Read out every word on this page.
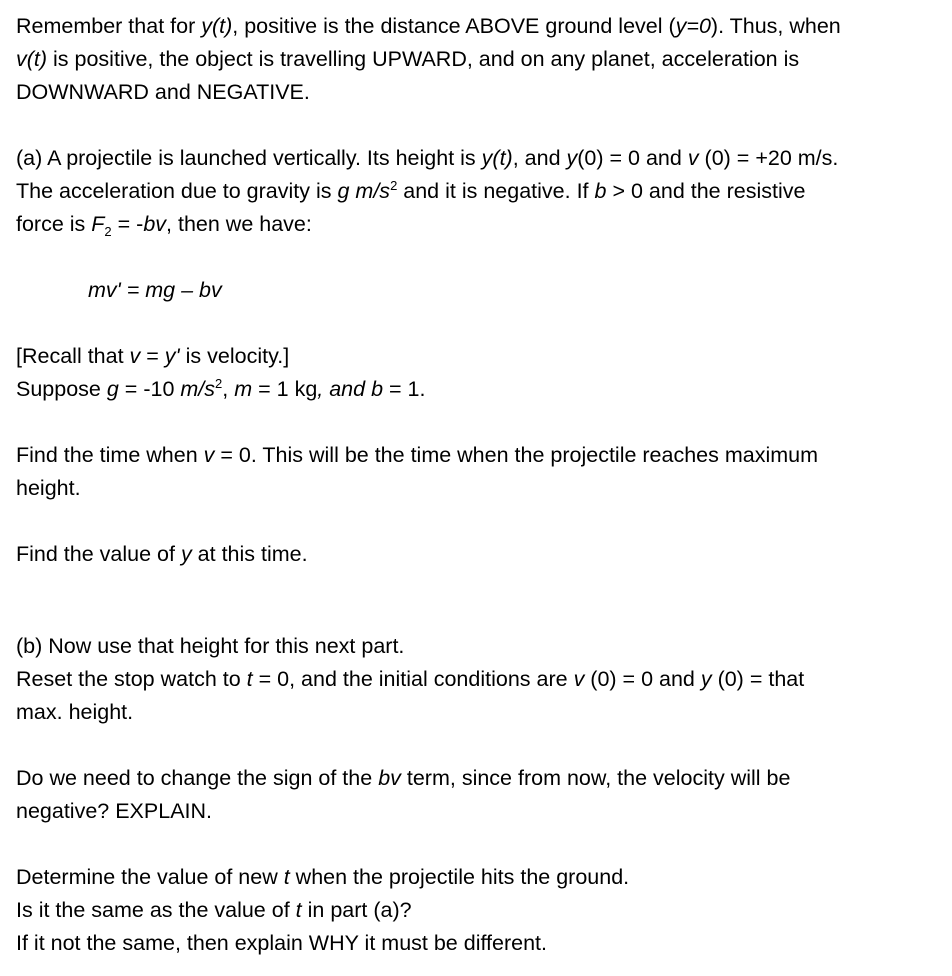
Remember that for y(t), positive is the distance ABOVE ground level (y=0). Thus, when
v(t) is positive, the object is travelling UPWARD, and on any planet, acceleration is
DOWNWARD and NEGATIVE.
(a) A projectile is launched vertically. Its height is y(t), and y(0) = 0 and v (0) = +20 m/s.
The acceleration due to gravity is g $m/s^2$ and it is negative. If b > 0 and the resistive
force is $F_2 = -bv$, then we have:
mv' = mg – bv
[Recall that v = y' is velocity.]
Suppose g = -10 $m/s^2$, m = 1 kg, and b = 1.
Find the time when v = 0. This will be the time when the projectile reaches maximum
height.
Find the value of y at this time.
(b) Now use that height for this next part.
Reset the stop watch to t = 0, and the initial conditions are v (0) = 0 and y (0) = that
max. height.
Do we need to change the sign of the bv term, since from now, the velocity will be
negative? EXPLAIN.
Determine the value of new t when the projectile hits the ground.
Is it the same as the value of t in part (a)?
If it not the same, then explain WHY it must be different.
